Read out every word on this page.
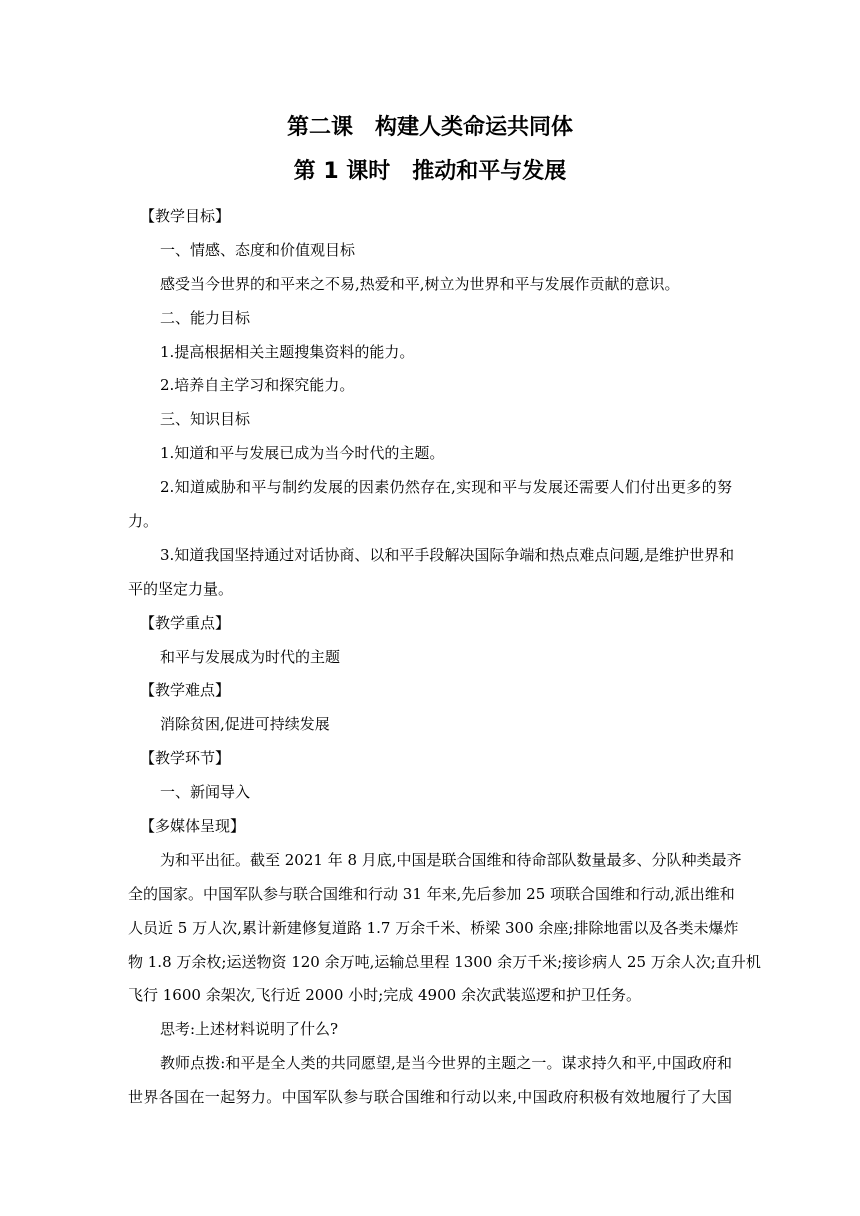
第二课　构建人类命运共同体
第 1 课时　推动和平与发展
【教学目标】
一、情感、态度和价值观目标
感受当今世界的和平来之不易,热爱和平,树立为世界和平与发展作贡献的意识。
二、能力目标
1.提高根据相关主题搜集资料的能力。
2.培养自主学习和探究能力。
三、知识目标
1.知道和平与发展已成为当今时代的主题。
2.知道威胁和平与制约发展的因素仍然存在,实现和平与发展还需要人们付出更多的努
力。
3.知道我国坚持通过对话协商、以和平手段解决国际争端和热点难点问题,是维护世界和
平的坚定力量。
【教学重点】
和平与发展成为时代的主题
【教学难点】
消除贫困,促进可持续发展
【教学环节】
一、新闻导入
【多媒体呈现】
为和平出征。截至 2021 年 8 月底,中国是联合国维和待命部队数量最多、分队种类最齐
全的国家。中国军队参与联合国维和行动 31 年来,先后参加 25 项联合国维和行动,派出维和
人员近 5 万人次,累计新建修复道路 1.7 万余千米、桥梁 300 余座;排除地雷以及各类未爆炸
物 1.8 万余枚;运送物资 120 余万吨,运输总里程 1300 余万千米;接诊病人 25 万余人次;直升机
飞行 1600 余架次,飞行近 2000 小时;完成 4900 余次武装巡逻和护卫任务。
思考:上述材料说明了什么?
教师点拨:和平是全人类的共同愿望,是当今世界的主题之一。谋求持久和平,中国政府和
世界各国在一起努力。中国军队参与联合国维和行动以来,中国政府积极有效地履行了大国
